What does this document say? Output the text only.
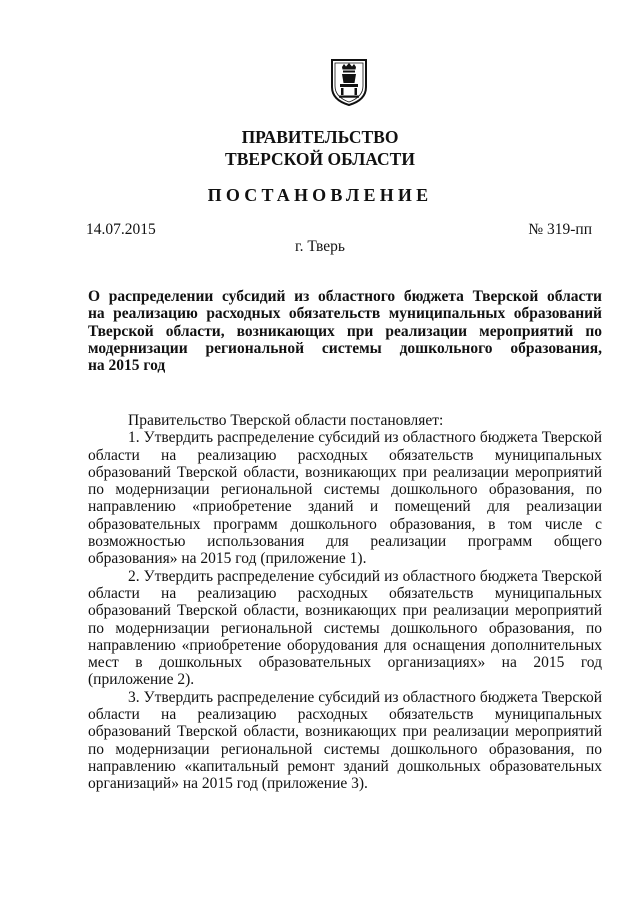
ПРАВИТЕЛЬСТВО
ТВЕРСКОЙ ОБЛАСТИ
ПОСТАНОВЛЕНИЕ
14.07.2015	№ 319-пп
г. Тверь
О распределении субсидий из областного бюджета Тверской области
на реализацию расходных обязательств муниципальных образований
Тверской области, возникающих при реализации мероприятий по
модернизации региональной системы дошкольного образования,
на 2015 год

Правительство Тверской области постановляет:

1. Утвердить распределение субсидий из областного бюджета Тверской области на реализацию расходных обязательств муниципальных образований Тверской области, возникающих при реализации мероприятий по модернизации региональной системы дошкольного образования, по направлению «приобретение зданий и помещений для реализации образовательных программ дошкольного образования, в том числе с возможностью использования для реализации программ общего образования» на 2015 год (приложение 1).

2. Утвердить распределение субсидий из областного бюджета Тверской области на реализацию расходных обязательств муниципальных образований Тверской области, возникающих при реализации мероприятий по модернизации региональной системы дошкольного образования, по направлению «приобретение оборудования для оснащения дополнительных мест в дошкольных образовательных организациях» на 2015 год (приложение 2).

3. Утвердить распределение субсидий из областного бюджета Тверской области на реализацию расходных обязательств муниципальных образований Тверской области, возникающих при реализации мероприятий по модернизации региональной системы дошкольного образования, по направлению «капитальный ремонт зданий дошкольных образовательных организаций» на 2015 год (приложение 3).
